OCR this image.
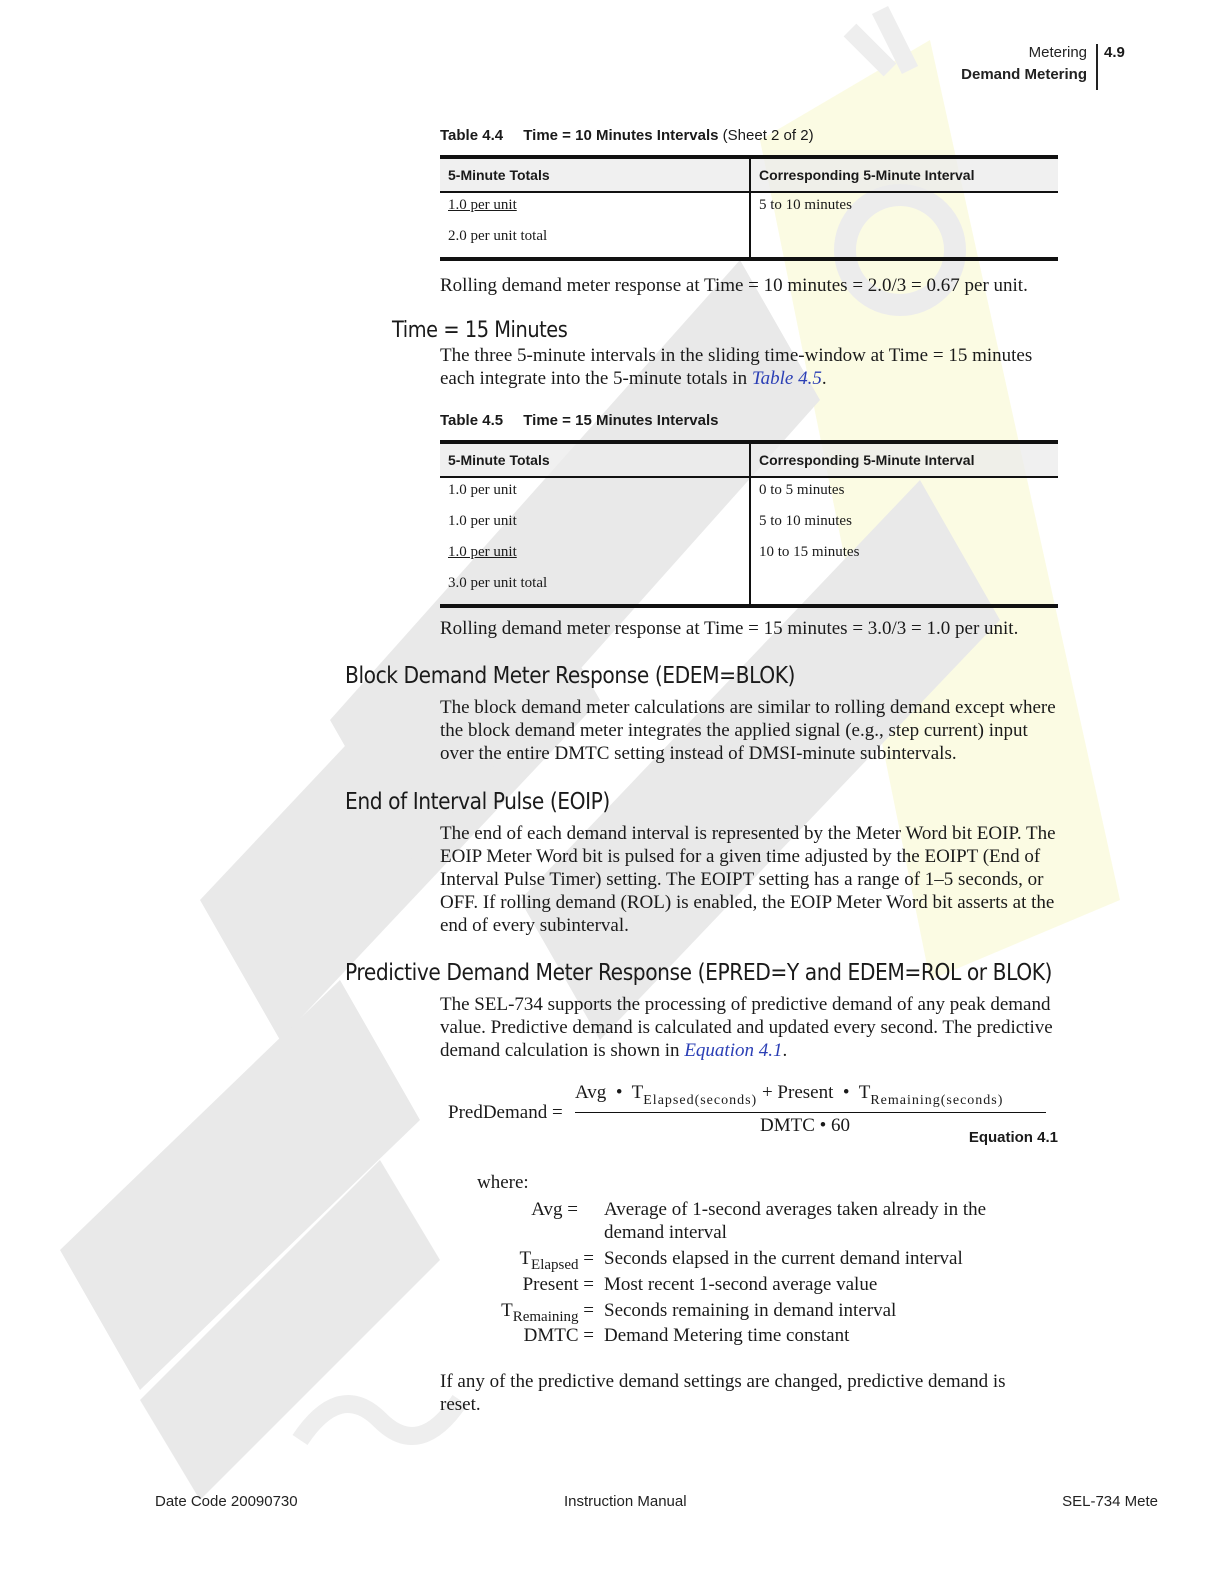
Metering
Demand Metering
4.9
Table 4.4 Time = 10 Minutes Intervals (Sheet 2 of 2)
5-Minute Totals	Corresponding 5-Minute Interval
1.0 per unit	5 to 10 minutes
2.0 per unit total	
Rolling demand meter response at Time = 10 minutes = 2.0/3 = 0.67 per unit.
Time = 15 Minutes
The three 5-minute intervals in the sliding time-window at Time = 15 minutes each integrate into the 5-minute totals in Table 4.5.
Table 4.5 Time = 15 Minutes Intervals
5-Minute Totals	Corresponding 5-Minute Interval
1.0 per unit	0 to 5 minutes
1.0 per unit	5 to 10 minutes
1.0 per unit	10 to 15 minutes
3.0 per unit total	
Rolling demand meter response at Time = 15 minutes = 3.0/3 = 1.0 per unit.
Block Demand Meter Response (EDEM=BLOK)
The block demand meter calculations are similar to rolling demand except where the block demand meter integrates the applied signal (e.g., step current) input over the entire DMTC setting instead of DMSI-minute subintervals.
End of Interval Pulse (EOIP)
The end of each demand interval is represented by the Meter Word bit EOIP. The EOIP Meter Word bit is pulsed for a given time adjusted by the EOIPT (End of Interval Pulse Timer) setting. The EOIPT setting has a range of 1–5 seconds, or OFF. If rolling demand (ROL) is enabled, the EOIP Meter Word bit asserts at the end of every subinterval.
Predictive Demand Meter Response (EPRED=Y and EDEM=ROL or BLOK)
The SEL-734 supports the processing of predictive demand of any peak demand value. Predictive demand is calculated and updated every second. The predictive demand calculation is shown in Equation 4.1.
PredDemand =
Avg • $T_{Elapsed(seconds)}$ + Present • $T_{Remaining(seconds)}$
DMTC • 60
Equation 4.1
where:
Avg = Average of 1-second averages taken already in the demand interval
$T_{Elapsed}$ = Seconds elapsed in the current demand interval
Present = Most recent 1-second average value
$T_{Remaining}$ = Seconds remaining in demand interval
DMTC = Demand Metering time constant
If any of the predictive demand settings are changed, predictive demand is reset.
Date Code 20090730	Instruction Manual	SEL-734 Mete
